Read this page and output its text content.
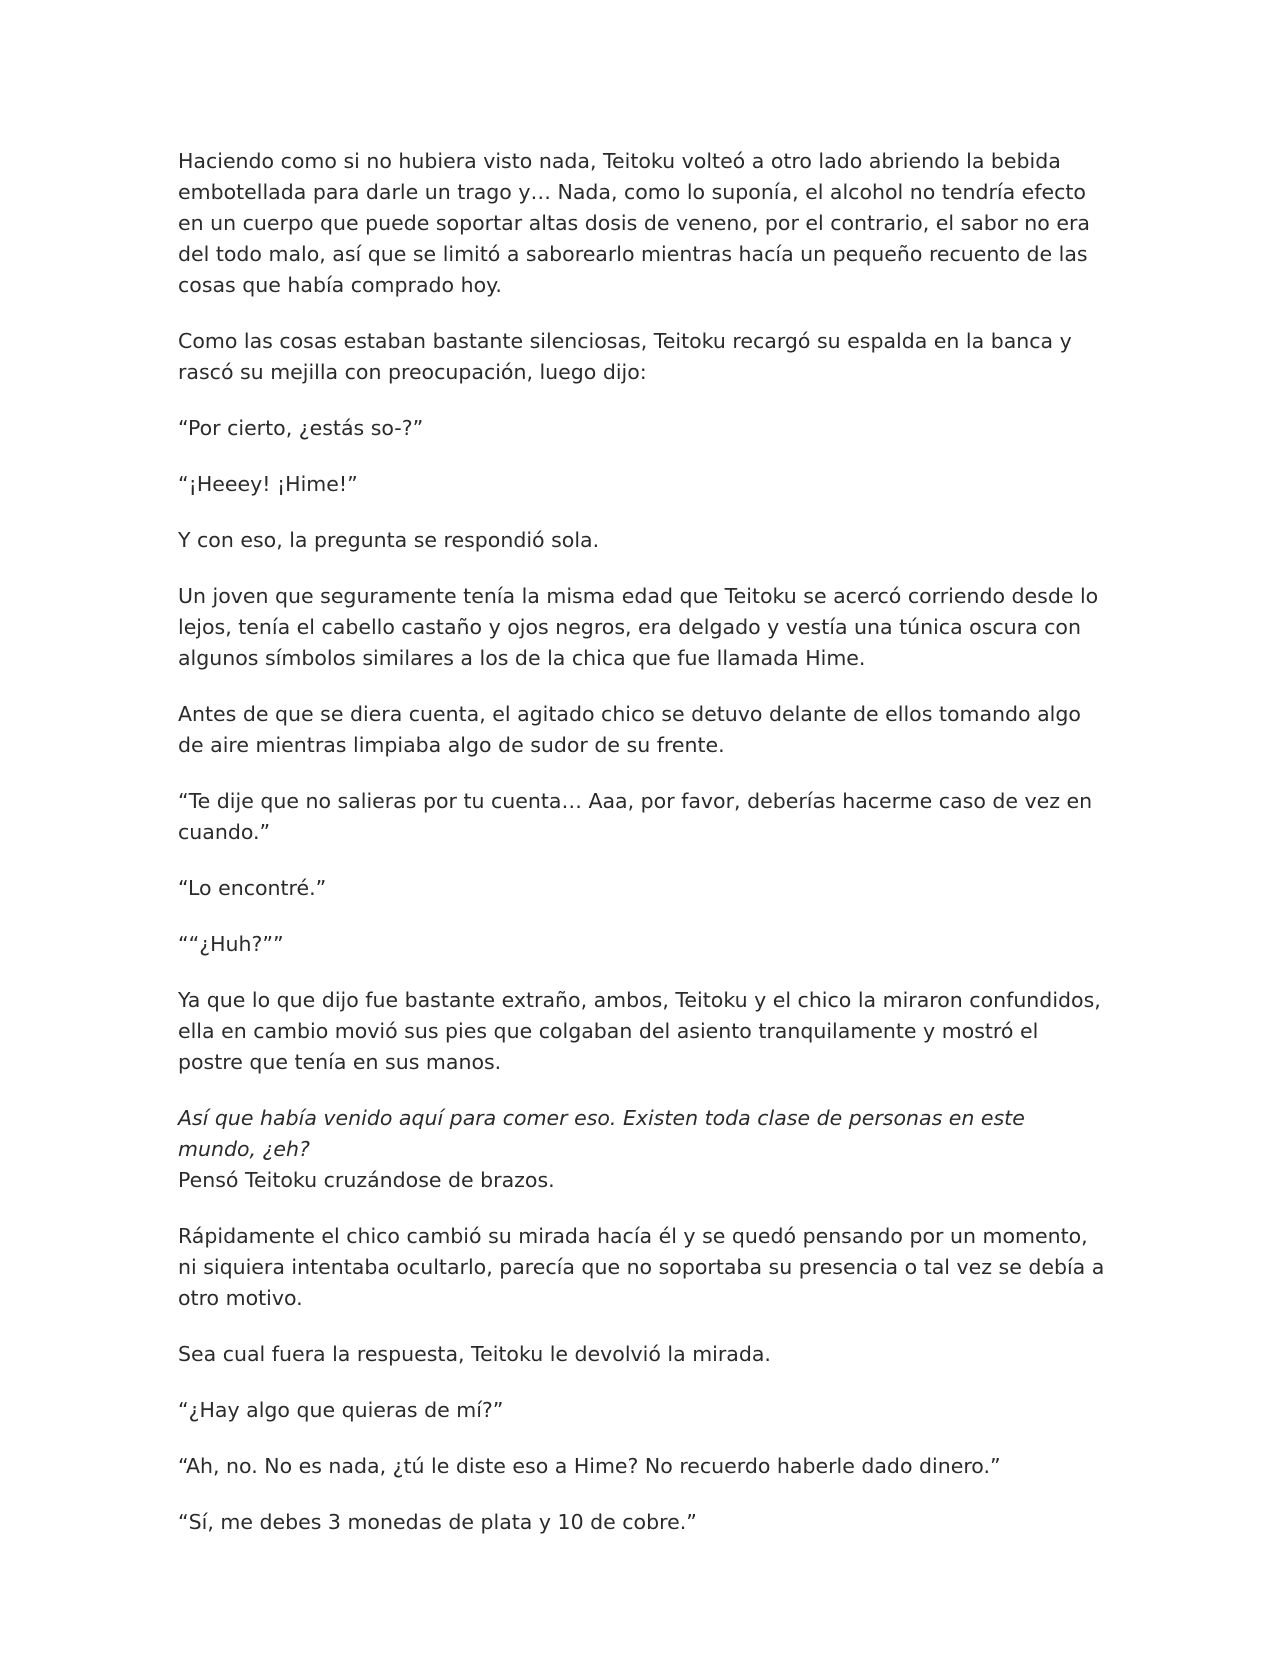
Haciendo como si no hubiera visto nada, Teitoku volteó a otro lado abriendo la bebida embotellada para darle un trago y… Nada, como lo suponía, el alcohol no tendría efecto en un cuerpo que puede soportar altas dosis de veneno, por el contrario, el sabor no era del todo malo, así que se limitó a saborearlo mientras hacía un pequeño recuento de las cosas que había comprado hoy.

Como las cosas estaban bastante silenciosas, Teitoku recargó su espalda en la banca y rascó su mejilla con preocupación, luego dijo:

“Por cierto, ¿estás so-?”

“¡Heeey! ¡Hime!”

Y con eso, la pregunta se respondió sola.

Un joven que seguramente tenía la misma edad que Teitoku se acercó corriendo desde lo lejos, tenía el cabello castaño y ojos negros, era delgado y vestía una túnica oscura con algunos símbolos similares a los de la chica que fue llamada Hime.

Antes de que se diera cuenta, el agitado chico se detuvo delante de ellos tomando algo de aire mientras limpiaba algo de sudor de su frente.

“Te dije que no salieras por tu cuenta… Aaa, por favor, deberías hacerme caso de vez en cuando.”

“Lo encontré.”

““¿Huh?””

Ya que lo que dijo fue bastante extraño, ambos, Teitoku y el chico la miraron confundidos, ella en cambio movió sus pies que colgaban del asiento tranquilamente y mostró el postre que tenía en sus manos.

Así que había venido aquí para comer eso. Existen toda clase de personas en este mundo, ¿eh?
Pensó Teitoku cruzándose de brazos.

Rápidamente el chico cambió su mirada hacía él y se quedó pensando por un momento, ni siquiera intentaba ocultarlo, parecía que no soportaba su presencia o tal vez se debía a otro motivo.

Sea cual fuera la respuesta, Teitoku le devolvió la mirada.

“¿Hay algo que quieras de mí?”

“Ah, no. No es nada, ¿tú le diste eso a Hime? No recuerdo haberle dado dinero.”

“Sí, me debes 3 monedas de plata y 10 de cobre.”
